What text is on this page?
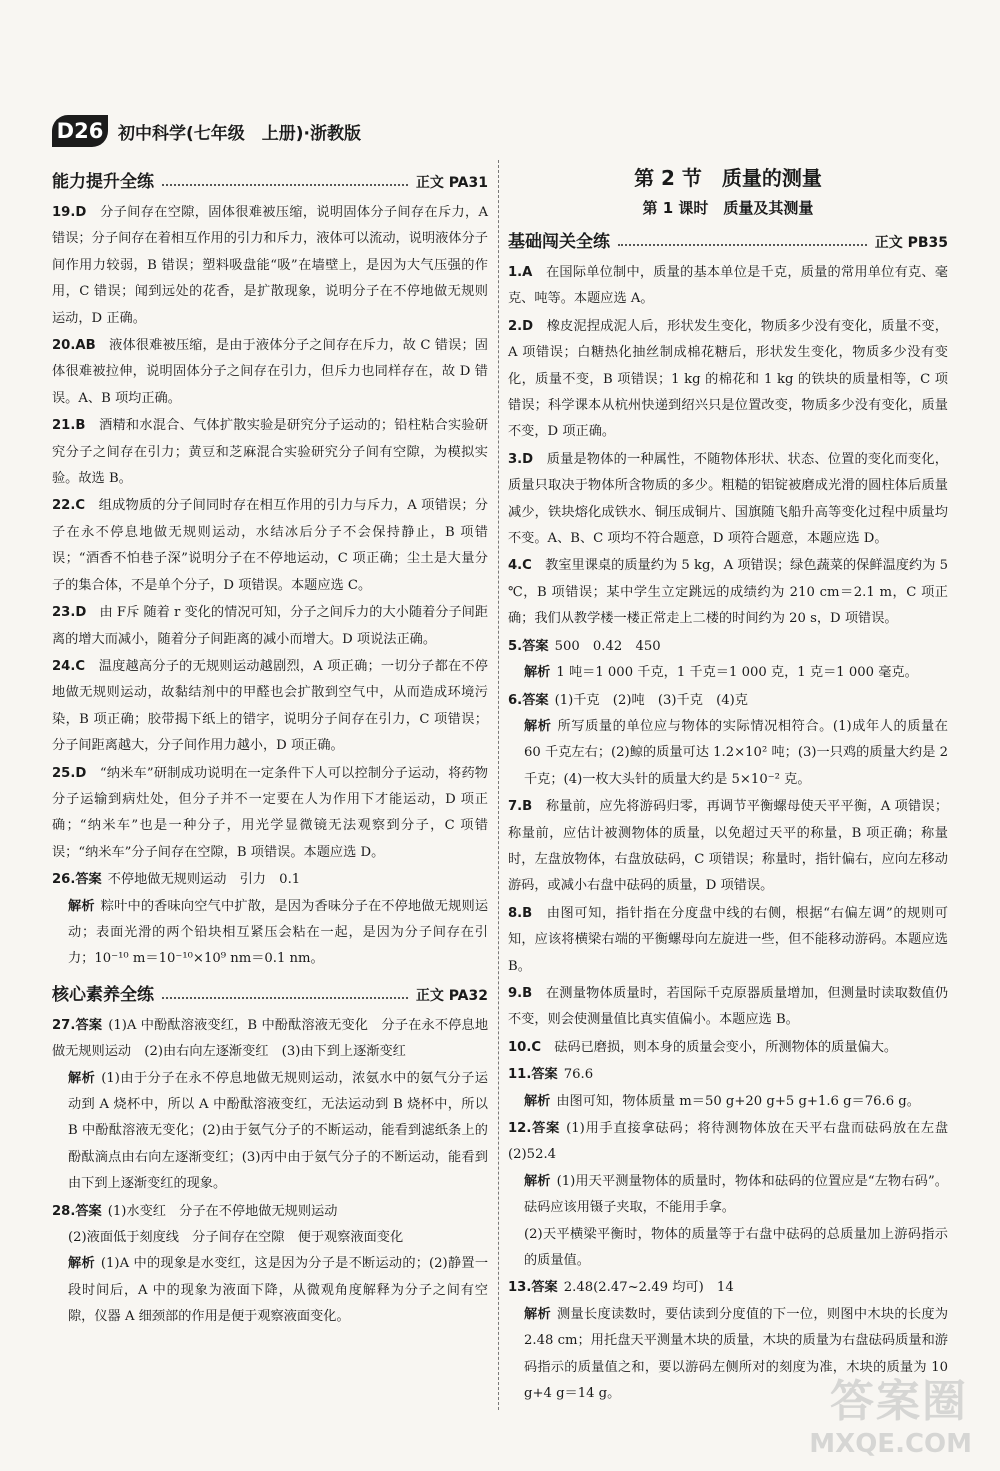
D26 初中科学(七年级　上册)·浙教版
能力提升全练	正文 PA31

19.D　 分子间存在空隙，固体很难被压缩，说明固体分子间存在斥力，A 错误；分子间存在着相互作用的引力和斥力，液体可以流动，说明液体分子间作用力较弱，B 错误；塑料吸盘能“吸”在墙壁上，是因为大气压强的作用，C 错误；闻到远处的花香，是扩散现象，说明分子在不停地做无规则运动，D 正确。

20.AB　 液体很难被压缩，是由于液体分子之间存在斥力，故 C 错误；固体很难被拉伸，说明固体分子之间存在引力，但斥力也同样存在，故 D 错误。A、B 项均正确。

21.B　 酒精和水混合、气体扩散实验是研究分子运动的；铅柱粘合实验研究分子之间存在引力；黄豆和芝麻混合实验研究分子间有空隙，为模拟实验。故选 B。

22.C　 组成物质的分子间同时存在相互作用的引力与斥力，A 项错误；分子在永不停息地做无规则运动，水结冰后分子不会保持静止，B 项错误；“酒香不怕巷子深”说明分子在不停地运动，C 项正确；尘土是大量分子的集合体，不是单个分子，D 项错误。本题应选 C。

23.D　 由 F斥 随着 r 变化的情况可知，分子之间斥力的大小随着分子间距离的增大而减小，随着分子间距离的减小而增大。D 项说法正确。

24.C　 温度越高分子的无规则运动越剧烈，A 项正确；一切分子都在不停地做无规则运动，故黏结剂中的甲醛也会扩散到空气中，从而造成环境污染，B 项正确；胶带揭下纸上的错字，说明分子间存在引力，C 项错误；分子间距离越大，分子间作用力越小，D 项正确。

25.D　 “纳米车”研制成功说明在一定条件下人可以控制分子运动，将药物分子运输到病灶处，但分子并不一定要在人为作用下才能运动，D 项正确；“纳米车”也是一种分子，用光学显微镜无法观察到分子，C 项错误；“纳米车”分子间存在空隙，B 项错误。本题应选 D。

26.答案 不停地做无规则运动　引力　0.1

解析 粽叶中的香味向空气中扩散，是因为香味分子在不停地做无规则运动；表面光滑的两个铅块相互紧压会粘在一起，是因为分子间存在引力；10⁻¹⁰ m＝10⁻¹⁰×10⁹ nm＝0.1 nm。

核心素养全练	正文 PA32

27.答案 (1)A 中酚酞溶液变红，B 中酚酞溶液无变化　分子在永不停息地做无规则运动　(2)由右向左逐渐变红　(3)由下到上逐渐变红

解析 (1)由于分子在永不停息地做无规则运动，浓氨水中的氨气分子运动到 A 烧杯中，所以 A 中酚酞溶液变红，无法运动到 B 烧杯中，所以 B 中酚酞溶液无变化；(2)由于氨气分子的不断运动，能看到滤纸条上的酚酞滴点由右向左逐渐变红；(3)丙中由于氨气分子的不断运动，能看到由下到上逐渐变红的现象。

28.答案 (1)水变红　分子在不停地做无规则运动

(2)液面低于刻度线　分子间存在空隙　便于观察液面变化

解析 (1)A 中的现象是水变红，这是因为分子是不断运动的；(2)静置一段时间后，A 中的现象为液面下降，从微观角度解释为分子之间有空隙，仪器 A 细颈部的作用是便于观察液面变化。

第 2 节　质量的测量
第 1 课时　质量及其测量
基础闯关全练	正文 PB35

1.A　 在国际单位制中，质量的基本单位是千克，质量的常用单位有克、毫克、吨等。本题应选 A。

2.D　 橡皮泥捏成泥人后，形状发生变化，物质多少没有变化，质量不变，A 项错误；白糖热化抽丝制成棉花糖后，形状发生变化，物质多少没有变化，质量不变，B 项错误；1 kg 的棉花和 1 kg 的铁块的质量相等，C 项错误；科学课本从杭州快递到绍兴只是位置改变，物质多少没有变化，质量不变，D 项正确。

3.D　 质量是物体的一种属性，不随物体形状、状态、位置的变化而变化，质量只取决于物体所含物质的多少。粗糙的铝锭被磨成光滑的圆柱体后质量减少，铁块熔化成铁水、铜压成铜片、国旗随飞船升高等变化过程中质量均不变。A、B、C 项均不符合题意，D 项符合题意，本题应选 D。

4.C　 教室里课桌的质量约为 5 kg，A 项错误；绿色蔬菜的保鲜温度约为 5 ℃，B 项错误；某中学生立定跳远的成绩约为 210 cm＝2.1 m，C 项正确；我们从教学楼一楼正常走上二楼的时间约为 20 s，D 项错误。

5.答案 500　0.42　450

解析 1 吨＝1 000 千克，1 千克＝1 000 克，1 克＝1 000 毫克。

6.答案 (1)千克　(2)吨　(3)千克　(4)克

解析 所写质量的单位应与物体的实际情况相符合。(1)成年人的质量在 60 千克左右；(2)鲸的质量可达 1.2×10² 吨；(3)一只鸡的质量大约是 2 千克；(4)一枚大头针的质量大约是 5×10⁻² 克。

7.B　 称量前，应先将游码归零，再调节平衡螺母使天平平衡，A 项错误；称量前，应估计被测物体的质量，以免超过天平的称量，B 项正确；称量时，左盘放物体，右盘放砝码，C 项错误；称量时，指针偏右，应向左移动游码，或减小右盘中砝码的质量，D 项错误。

8.B　 由图可知，指针指在分度盘中线的右侧，根据“右偏左调”的规则可知，应该将横梁右端的平衡螺母向左旋进一些，但不能移动游码。本题应选 B。

9.B　 在测量物体质量时，若国际千克原器质量增加，但测量时读取数值仍不变，则会使测量值比真实值偏小。本题应选 B。

10.C　 砝码已磨损，则本身的质量会变小，所测物体的质量偏大。

11.答案 76.6

解析 由图可知，物体质量 m＝50 g+20 g+5 g+1.6 g＝76.6 g。

12.答案 (1)用手直接拿砝码；将待测物体放在天平右盘而砝码放在左盘　(2)52.4

解析 (1)用天平测量物体的质量时，物体和砝码的位置应是“左物右码”。砝码应该用镊子夹取，不能用手拿。

(2)天平横梁平衡时，物体的质量等于右盘中砝码的总质量加上游码指示的质量值。

13.答案 2.48(2.47~2.49 均可)　14

解析 测量长度读数时，要估读到分度值的下一位，则图中木块的长度为 2.48 cm；用托盘天平测量木块的质量，木块的质量为右盘砝码质量和游码指示的质量值之和，要以游码左侧所对的刻度为准，木块的质量为 10 g+4 g＝14 g。	答案圈
MXQE.COM
